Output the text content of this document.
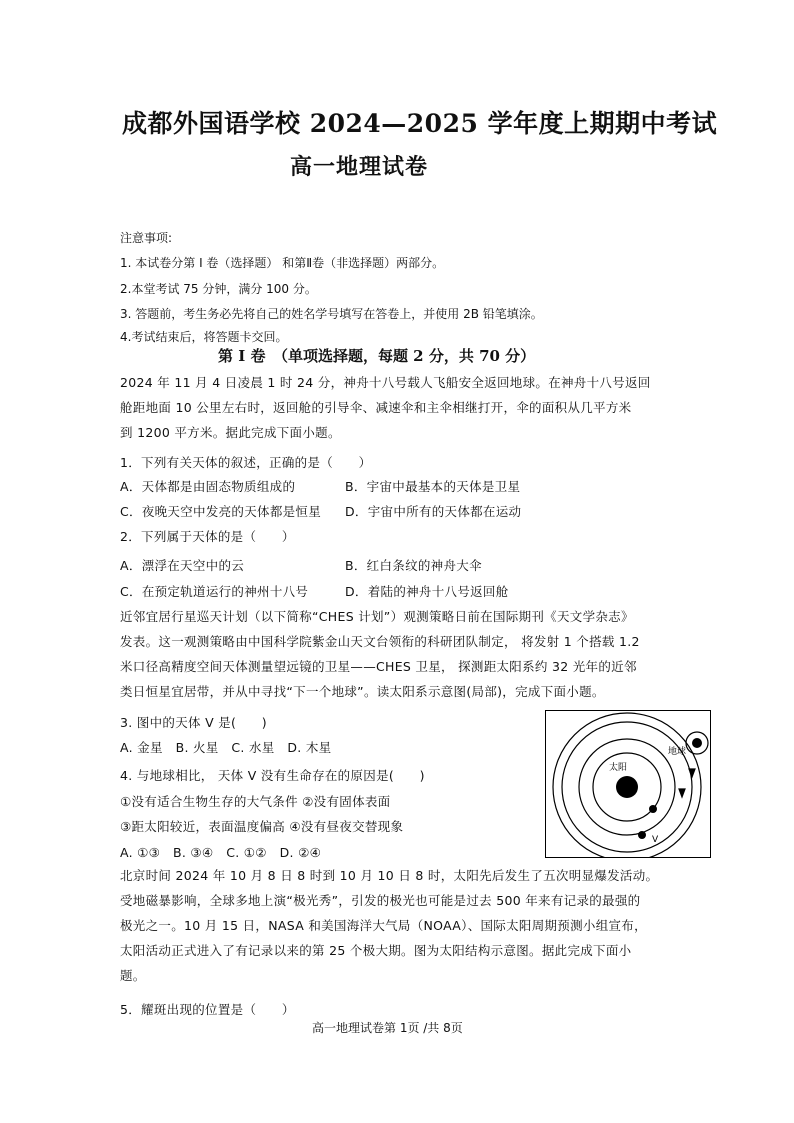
成都外国语学校 2024—2025 学年度上期期中考试
高一地理试卷
注意事项:
1. 本试卷分第 I 卷（选择题） 和第Ⅱ卷（非选择题）两部分。
2.本堂考试 75 分钟，满分 100 分。
3. 答题前，考生务必先将自己的姓名学号填写在答卷上，并使用 2B 铅笔填涂。
4.考试结束后，将答题卡交回。
第 I 卷　（单项选择题，每题 2 分，共 70 分）
2024 年 11 月 4 日凌晨 1 时 24 分，神舟十八号载人飞船安全返回地球。在神舟十八号返回
舱距地面 10 公里左右时，返回舱的引导伞、减速伞和主伞相继打开，伞的面积从几平方米
到 1200 平方米。据此完成下面小题。
1．下列有关天体的叙述，正确的是（　　）
A．天体都是由固态物质组成的	B．宇宙中最基本的天体是卫星
C．夜晚天空中发亮的天体都是恒星 D．宇宙中所有的天体都在运动
2．下列属于天体的是（　　）
A．漂浮在天空中的云	B．红白条纹的神舟大伞
C．在预定轨道运行的神州十八号	D．着陆的神舟十八号返回舱
近邻宜居行星巡天计划（以下简称“CHES 计划”）观测策略日前在国际期刊《天文学杂志》
发表。这一观测策略由中国科学院紫金山天文台领衔的科研团队制定， 将发射 1 个搭载 1.2
米口径高精度空间天体测量望远镜的卫星——CHES 卫星， 探测距太阳系约 32 光年的近邻
类日恒星宜居带，并从中寻找“下一个地球”。读太阳系示意图(局部)，完成下面小题。
3. 图中的天体 V 是(　　)
A. 金星　B. 火星　C. 水星　D. 木星
4. 与地球相比， 天体 V 没有生命存在的原因是(　　)
①没有适合生物生存的大气条件 ②没有固体表面
③距太阳较近，表面温度偏高 ④没有昼夜交替现象
A. ①③　B. ③④　C. ①②　D. ②④
太阳
地球
V
北京时间 2024 年 10 月 8 日 8 时到 10 月 10 日 8 时，太阳先后发生了五次明显爆发活动。
受地磁暴影响，全球多地上演“极光秀”，引发的极光也可能是过去 500 年来有记录的最强的
极光之一。10 月 15 日，NASA 和美国海洋大气局（NOAA）、国际太阳周期预测小组宣布，
太阳活动正式进入了有记录以来的第 25 个极大期。图为太阳结构示意图。据此完成下面小
题。
5．耀斑出现的位置是（　　）
高一地理试卷第 1页 /共 8页
